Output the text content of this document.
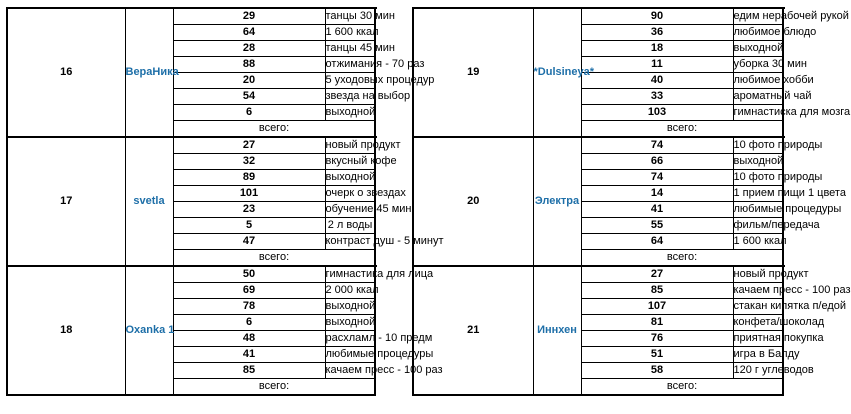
16	ВераНика	29	танцы 30 мин	
		64	1 600 ккал	
		28	танцы 45 мин	
		88	отжимания - 70 раз	
		20	5 уходовых процедур	
		54	звезда на выбор	
		6	выходной	
		всего:	
17	svetla	27	новый продукт	
		32	вкусный кофе	
		89	выходной	
		101	очерк о звездах	
		23	обучение 45 мин	
		5	2 л воды	
		47	контраст душ - 5 минут	
		всего:	
18	Oxanka 1	50	гимнастика для лица	
		69	2 000 ккал	
		78	выходной	
		6	выходной	
		48	расхламл - 10 предм	
		41	любимые процедуры	
		85	качаем пресс - 100 раз	
		всего:	
19	*Dulsineya*	90	едим нерабочей рукой	
		36	любимое блюдо	
		18	выходной	
		11	уборка 30 мин	
		40	любимое хобби	
		33	ароматный чай	
		103	гимнастиска для мозга	
		всего:	
20	Электра	74	10 фото природы	
		66	выходной	
		74	10 фото природы	
		14	1 прием пищи 1 цвета	
		41	любимые процедуры	
		55	фильм/передача	
		64	1 600 ккал	
		всего:	
21	Иннхен	27	новый продукт	
		85	качаем пресс - 100 раз	
		107	стакан кипятка п/едой	
		81	конфета/шоколад	
		76	приятная покупка	
		51	игра в Балду	
		58	120 г углеводов	
		всего:	
